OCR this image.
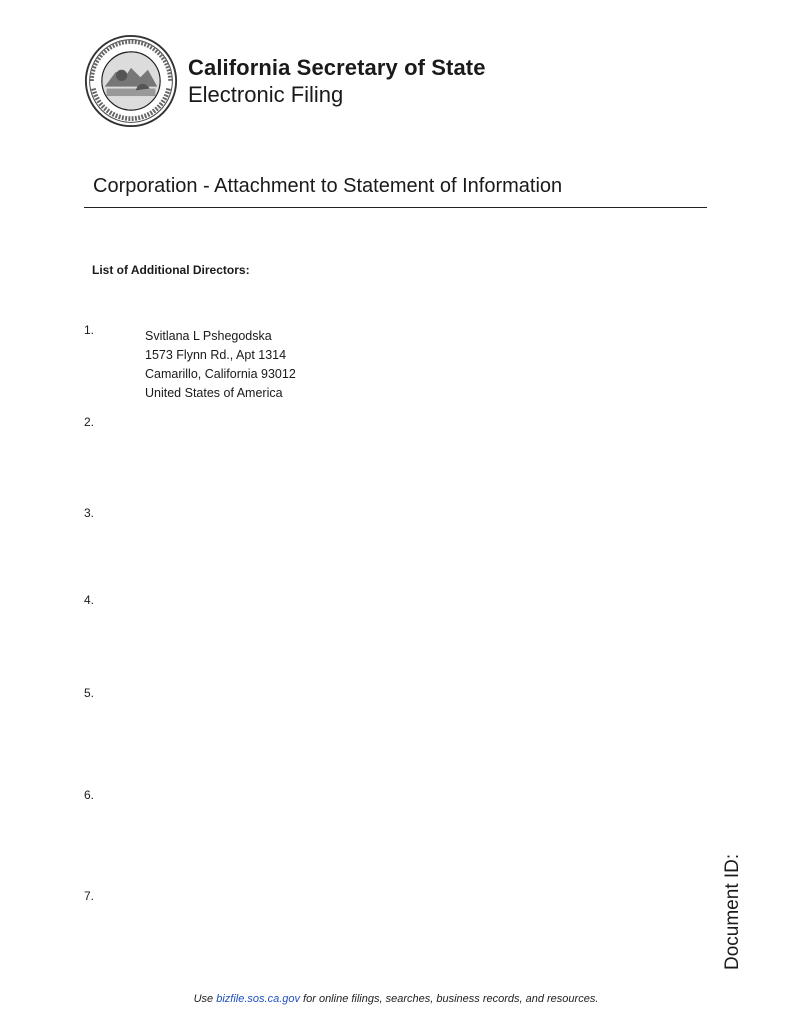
California Secretary of State
Electronic Filing
Corporation - Attachment to Statement of Information
List of Additional Directors:
1.
2.
3.
4.
5.
6.
7.
Svitlana L Pshegodska
1573 Flynn Rd., Apt 1314
Camarillo, California 93012
United States of America
Document ID:
Use bizfile.sos.ca.gov for online filings, searches, business records, and resources.
